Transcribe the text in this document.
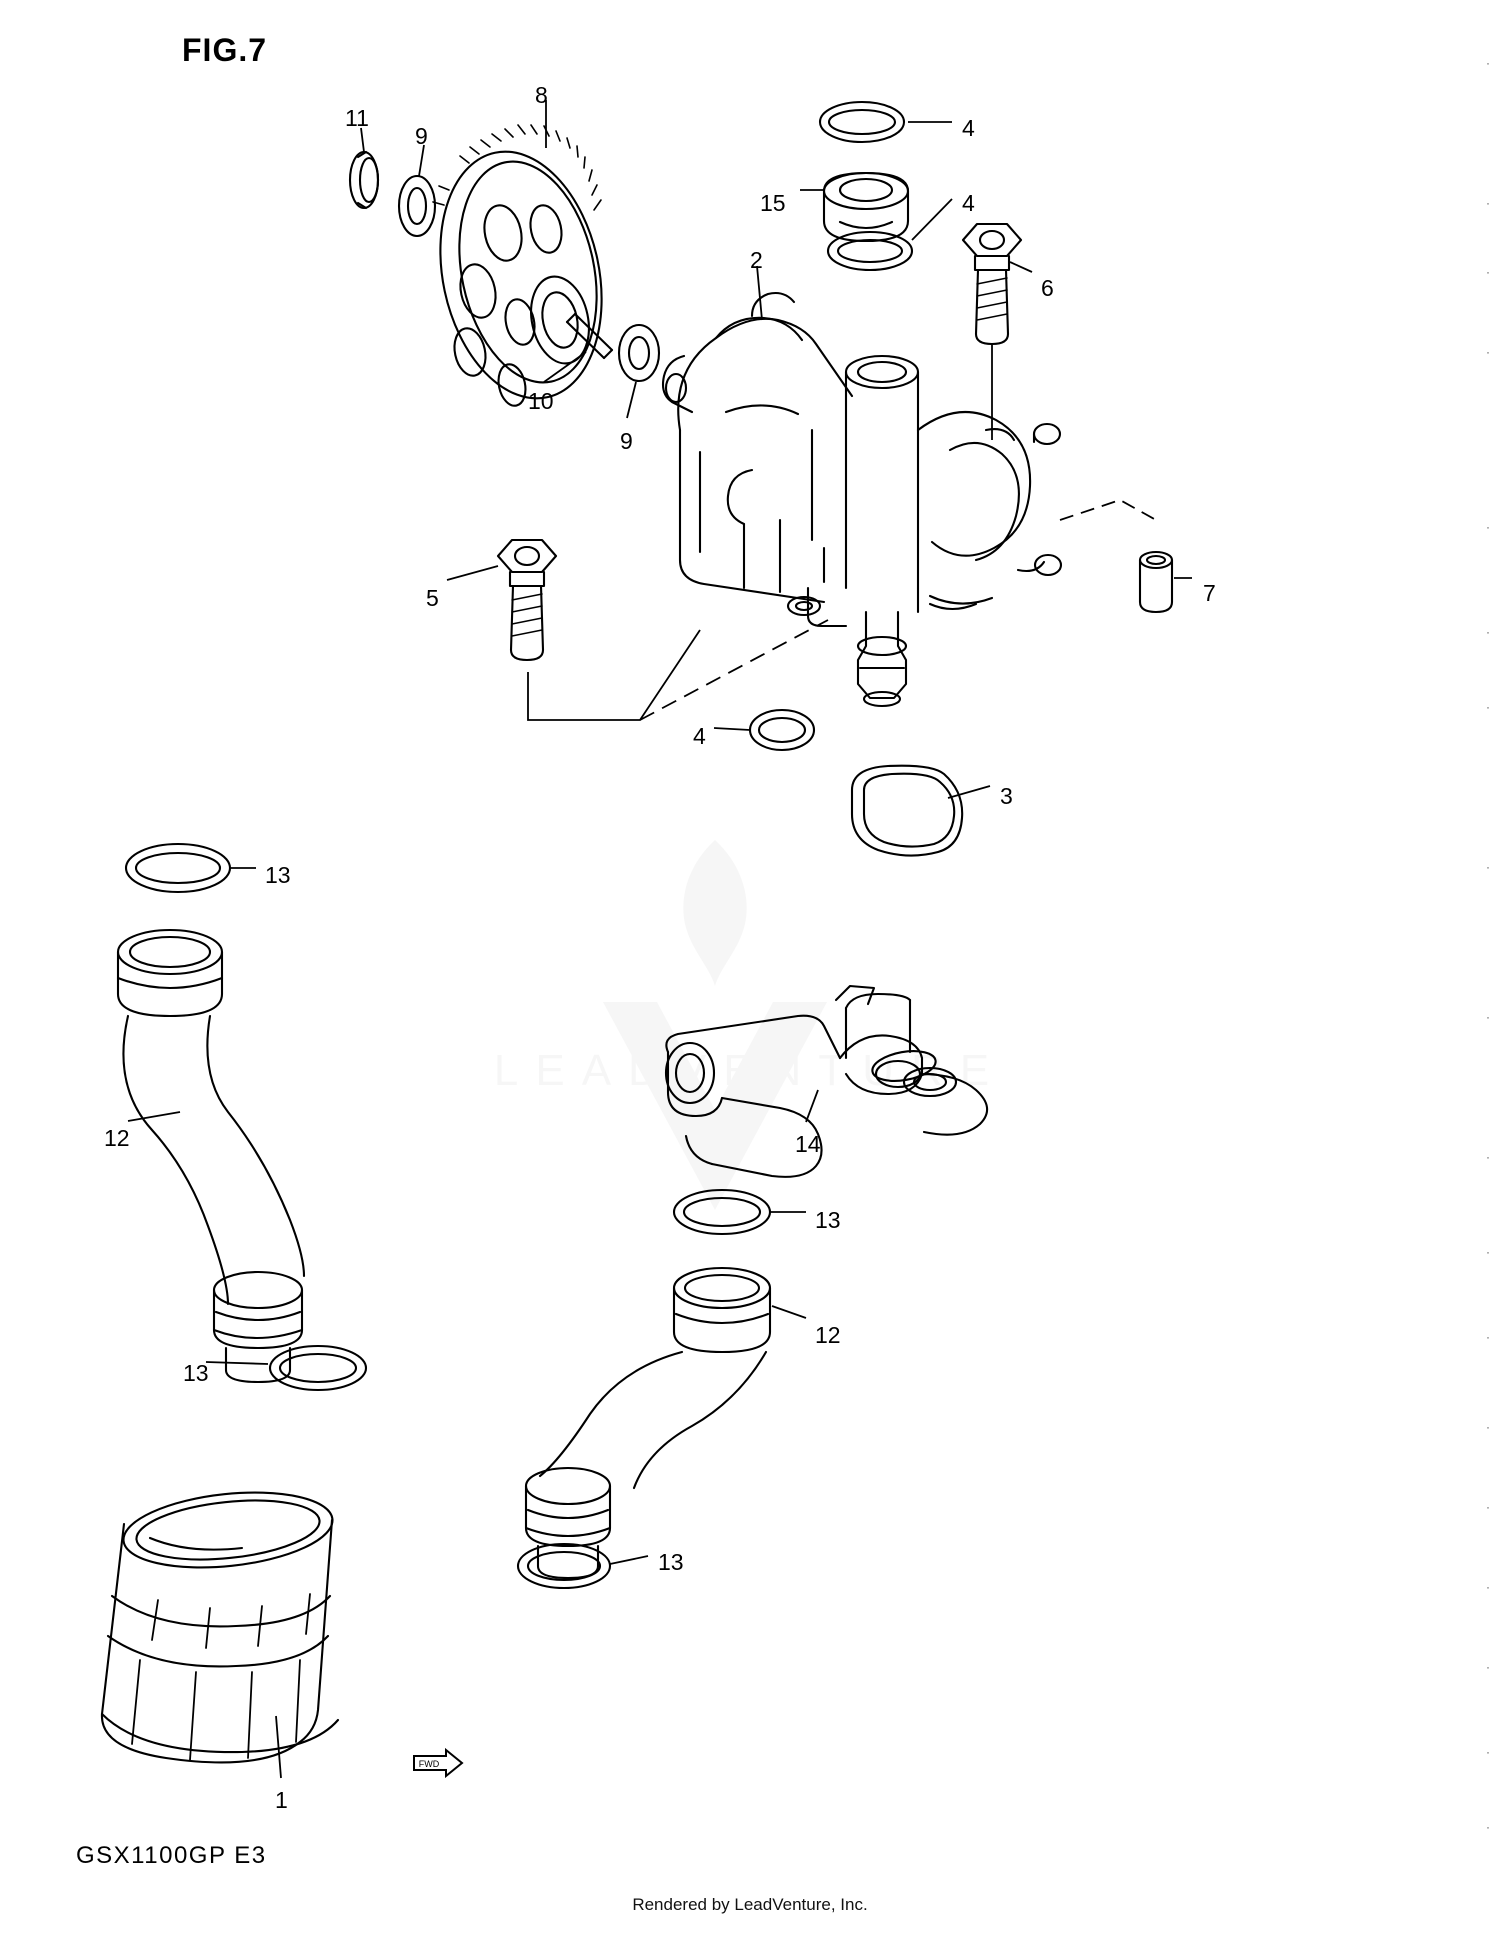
LEADVENTURE
FWD
FIG.7
GSX1100GP E3
Rendered by LeadVenture, Inc.
11
9
8
4
15	4
2
6
10
9
5	7
4
3
13
12	14
13
12
13
13
1
·
·
·
·
·
·
·
·
·
·
·
·
·
·
·
·
·
·
